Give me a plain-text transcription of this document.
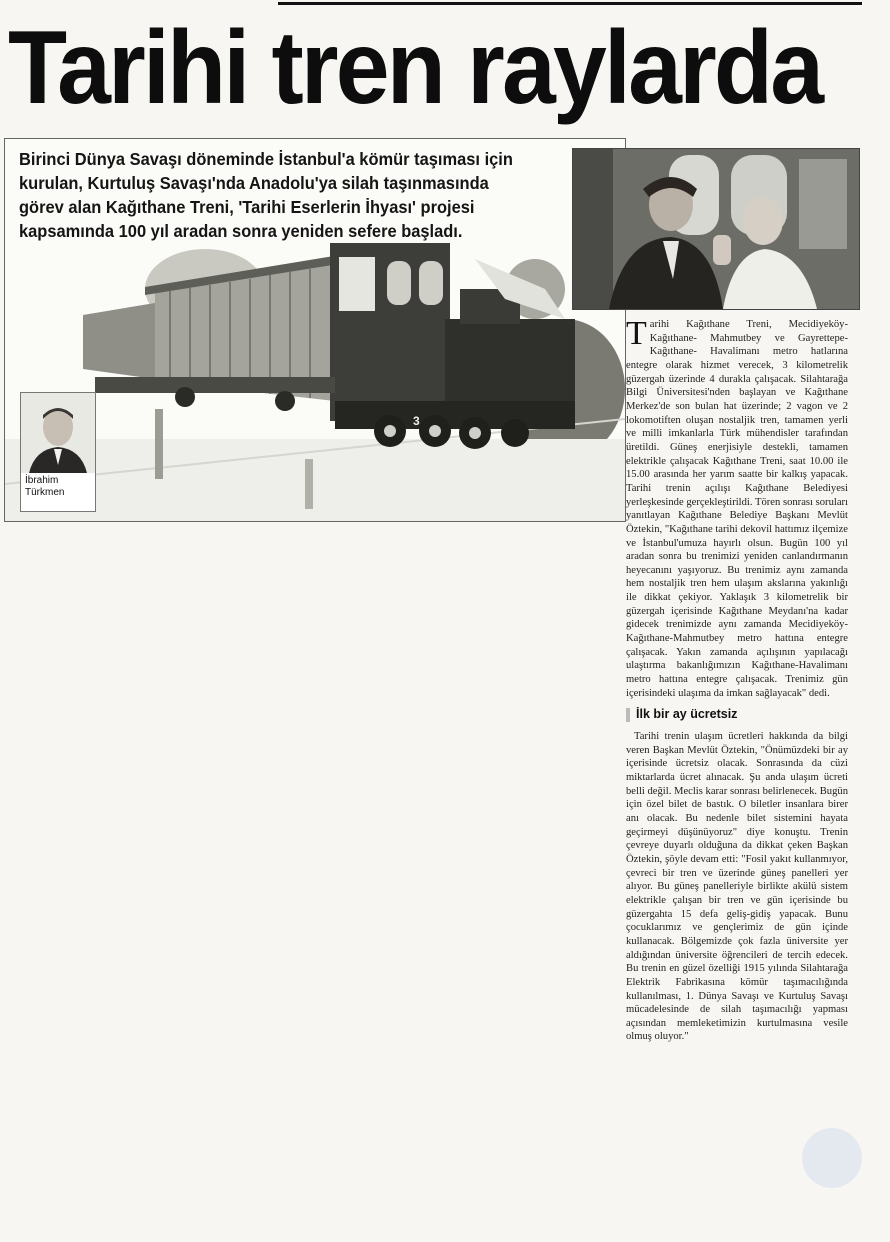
Tarihi tren raylarda
3
Birinci Dünya Savaşı döneminde İstanbul'a kömür taşıması için kurulan, Kurtuluş Savaşı'nda Anadolu'ya silah taşınmasında görev alan Kağıthane Treni, 'Tarihi Eserlerin İhyası' projesi kapsamında 100 yıl aradan sonra yeniden sefere başladı.
İbrahim
Türkmen

Tarihi Kağıthane Treni, Mecidiyeköy-Kağıthane- Mahmutbey ve Gayrettepe- Kağıthane- Havalimanı metro hatlarına entegre olarak hizmet verecek, 3 kilometrelik güzergah üzerinde 4 durakla çalışacak. Silahtarağa Bilgi Üniversitesi'nden başlayan ve Kağıthane Merkez'de son bulan hat üzerinde; 2 vagon ve 2 lokomotiften oluşan nostaljik tren, tamamen yerli ve milli imkanlarla Türk mühendisler tarafından üretildi. Güneş enerjisiyle destekli, tamamen elektrikle çalışacak Kağıthane Treni, saat 10.00 ile 15.00 arasında her yarım saatte bir kalkış yapacak. Tarihi trenin açılışı Kağıthane Belediyesi yerleşkesinde gerçekleştirildi. Tören sonrası soruları yanıtlayan Kağıthane Belediye Başkanı Mevlüt Öztekin, "Kağıthane tarihi dekovil hattımız ilçemize ve İstanbul'umuza hayırlı olsun. Bugün 100 yıl aradan sonra bu trenimizi yeniden canlandırmanın heyecanını yaşıyoruz. Bu trenimiz aynı zamanda hem nostaljik tren hem ulaşım akslarına yakınlığı ile dikkat çekiyor. Yaklaşık 3 kilometrelik bir güzergah içerisinde Kağıthane Meydanı'na kadar gidecek trenimizde aynı zamanda Mecidiyeköy-Kağıthane-Mahmutbey metro hattına entegre çalışacak. Yakın zamanda açılışının yapılacağı ulaştırma bakanlığımızın Kağıthane-Havalimanı metro hattına entegre çalışacak. Trenimiz gün içerisindeki ulaşıma da imkan sağlayacak" dedi.

İlk bir ay ücretsiz

Tarihi trenin ulaşım ücretleri hakkında da bilgi veren Başkan Mevlüt Öztekin, "Önümüzdeki bir ay içerisinde ücretsiz olacak. Sonrasında da cüzi miktarlarda ücret alınacak. Şu anda ulaşım ücreti belli değil. Meclis karar sonrası belirlenecek. Bugün için özel bilet de bastık. O biletler insanlara birer anı olacak. Bu nedenle bilet sistemini hayata geçirmeyi düşünüyoruz" diye konuştu. Trenin çevreye duyarlı olduğuna da dikkat çeken Başkan Öztekin, şöyle devam etti: "Fosil yakıt kullanmıyor, çevreci bir tren ve üzerinde güneş panelleri yer alıyor. Bu güneş panelleriyle birlikte akülü sistem elektrikle çalışan bir tren ve gün içerisinde bu güzergahta 15 defa geliş-gidiş yapacak. Bunu çocuklarımız ve gençlerimiz de gün içinde kullanacak. Bölgemizde çok fazla üniversite yer aldığından üniversite öğrencileri de tercih edecek. Bu trenin en güzel özelliği 1915 yılında Silahtarağa Elektrik Fabrikasına kömür taşımacılığında kullanılması, 1. Dünya Savaşı ve Kurtuluş Savaşı mücadelesinde de silah taşımacılığı yapması açısından memleketimizin kurtulmasına vesile olmuş oluyor."
